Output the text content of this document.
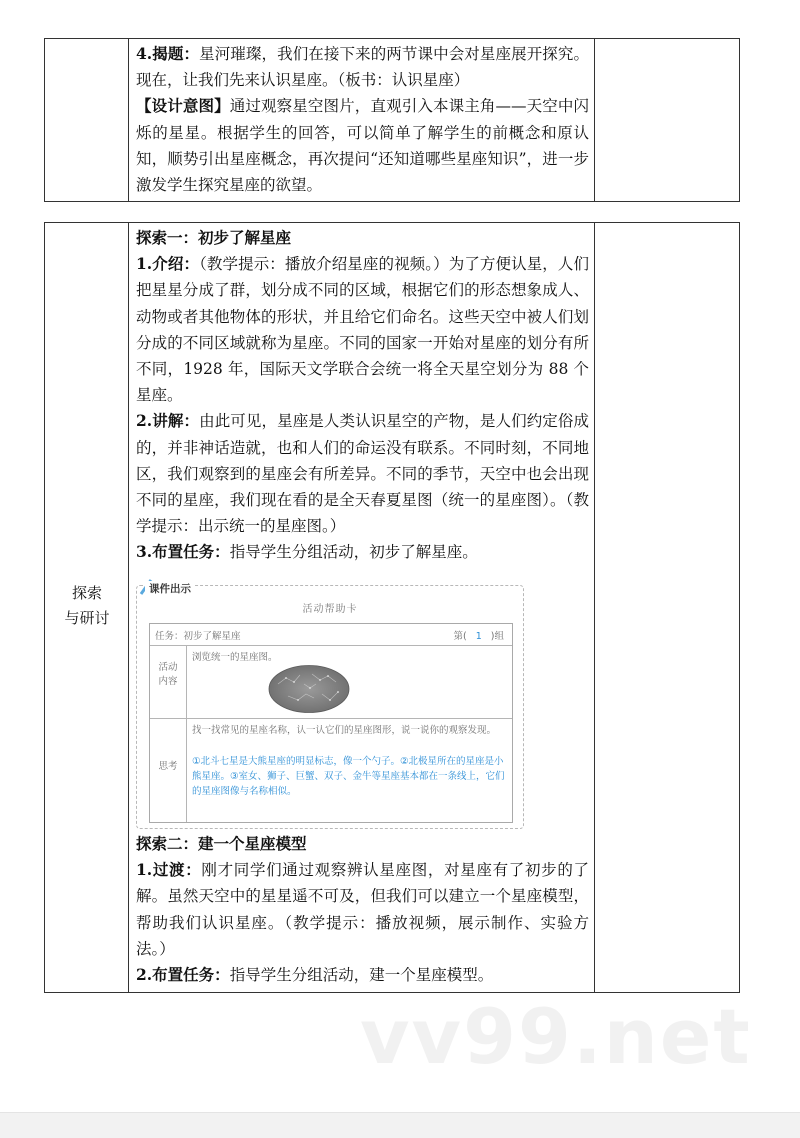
4.揭题：星河璀璨，我们在接下来的两节课中会对星座展开探究。现在，让我们先来认识星座。（板书：认识星座）

【设计意图】通过观察星空图片，直观引入本课主角——天空中闪烁的星星。根据学生的回答，可以简单了解学生的前概念和原认知，顺势引出星座概念，再次提问“还知道哪些星座知识”，进一步激发学生探究星座的欲望。

探索
与研讨

探索一：初步了解星座

1.介绍：（教学提示：播放介绍星座的视频。）为了方便认星，人们把星星分成了群，划分成不同的区域，根据它们的形态想象成人、动物或者其他物体的形状，并且给它们命名。这些天空中被人们划分成的不同区域就称为星座。不同的国家一开始对星座的划分有所不同，1928 年，国际天文学联合会统一将全天星空划分为 88 个星座。

2.讲解：由此可见，星座是人类认识星空的产物，是人们约定俗成的，并非神话造就，也和人们的命运没有联系。不同时刻，不同地区，我们观察到的星座会有所差异。不同的季节，天空中也会出现不同的星座，我们现在看的是全天春夏星图（统一的星座图）。（教学提示：出示统一的星座图。）

3.布置任务：指导学生分组活动，初步了解星座。

探索二：建一个星座模型

1.过渡：刚才同学们通过观察辨认星座图，对星座有了初步的了解。虽然天空中的星星遥不可及，但我们可以建立一个星座模型，帮助我们认识星座。（教学提示：播放视频，展示制作、实验方法。）

2.布置任务：指导学生分组活动，建一个星座模型。

课件出示
活动帮助卡
任务：初步了解星座	第( 1 )组
活动内容
浏览统一的星座图。
思考
找一找常见的星座名称，认一认它们的星座图形，说一说你的观察发现。
①北斗七星是大熊星座的明显标志，像一个勺子。②北极星所在的星座是小熊星座。③室女、狮子、巨蟹、双子、金牛等星座基本都在一条线上，它们的星座图像与名称相似。
vv99.net
